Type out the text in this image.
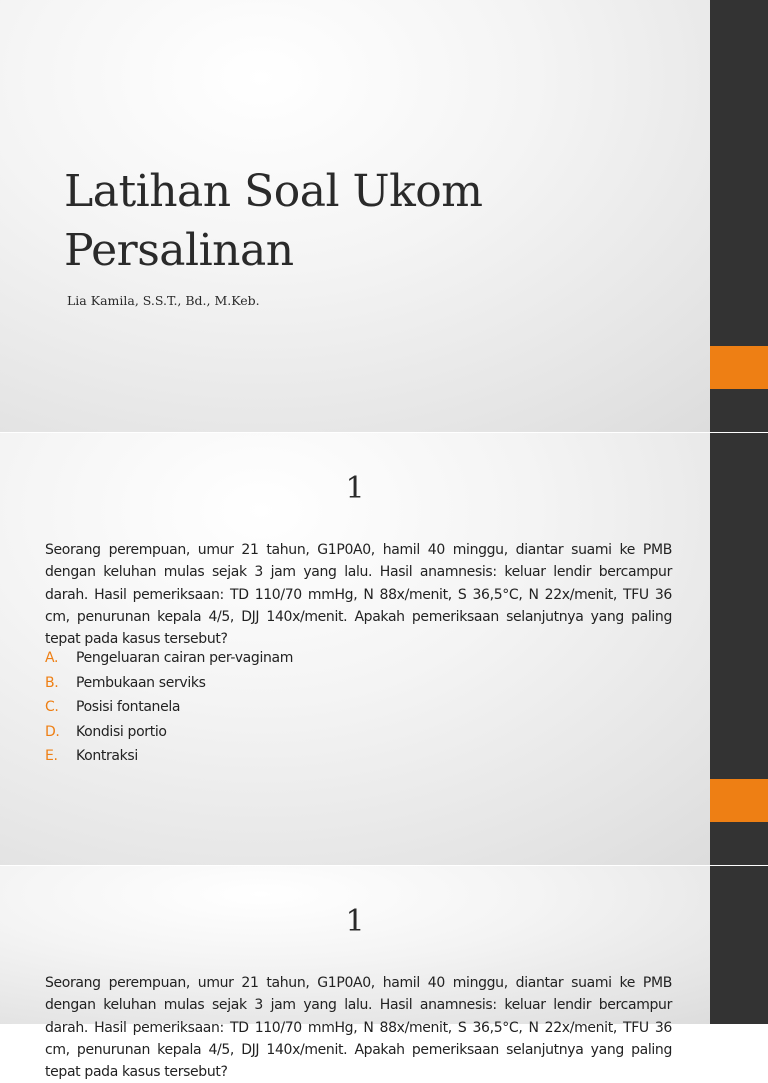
Latihan Soal Ukom Persalinan

Lia Kamila, S.S.T., Bd., M.Keb.

1

Seorang perempuan, umur 21 tahun, G1P0A0, hamil 40 minggu, diantar suami ke PMB dengan keluhan mulas sejak 3 jam yang lalu. Hasil anamnesis: keluar lendir bercampur darah. Hasil pemeriksaan: TD 110/70 mmHg, N 88x/menit, S 36,5°C, N 22x/menit, TFU 36 cm, penurunan kepala 4/5, DJJ 140x/menit. Apakah pemeriksaan selanjutnya yang paling tepat pada kasus tersebut?

A.	Pengeluaran cairan per-vaginam
B.	Pembukaan serviks
C.	Posisi fontanela
D.	Kondisi portio
E.	Kontraksi
1

Seorang perempuan, umur 21 tahun, G1P0A0, hamil 40 minggu, diantar suami ke PMB dengan keluhan mulas sejak 3 jam yang lalu. Hasil anamnesis: keluar lendir bercampur darah. Hasil pemeriksaan: TD 110/70 mmHg, N 88x/menit, S 36,5°C, N 22x/menit, TFU 36 cm, penurunan kepala 4/5, DJJ 140x/menit. Apakah pemeriksaan selanjutnya yang paling tepat pada kasus tersebut?
